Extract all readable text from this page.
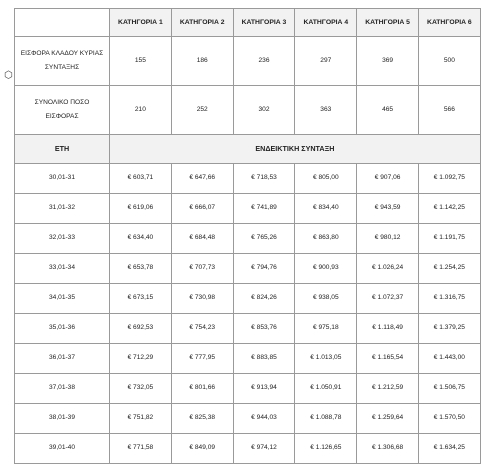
⬡
	ΚΑΤΗΓΟΡΙΑ 1	ΚΑΤΗΓΟΡΙΑ 2	ΚΑΤΗΓΟΡΙΑ 3	ΚΑΤΗΓΟΡΙΑ 4	ΚΑΤΗΓΟΡΙΑ 5	ΚΑΤΗΓΟΡΙΑ 6
ΕΙΣΦΟΡΑ ΚΛΑΔΟΥ ΚΥΡΙΑΣ
ΣΥΝΤΑΞΗΣ	155	186	236	297	369	500
ΣΥΝΟΛΙΚΟ ΠΟΣΟ
ΕΙΣΦΟΡΑΣ	210	252	302	363	465	566
ΕΤΗ	ΕΝΔΕΙΚΤΙΚΗ ΣΥΝΤΑΞΗ					
30,01-31	€ 603,71	€ 647,66	€ 718,53	€ 805,00	€ 907,06	€ 1.092,75
31,01-32	€ 619,06	€ 666,07	€ 741,89	€ 834,40	€ 943,59	€ 1.142,25
32,01-33	€ 634,40	€ 684,48	€ 765,26	€ 863,80	€ 980,12	€ 1.191,75
33,01-34	€ 653,78	€ 707,73	€ 794,76	€ 900,93	€ 1.026,24	€ 1.254,25
34,01-35	€ 673,15	€ 730,98	€ 824,26	€ 938,05	€ 1.072,37	€ 1.316,75
35,01-36	€ 692,53	€ 754,23	€ 853,76	€ 975,18	€ 1.118,49	€ 1.379,25
36,01-37	€ 712,29	€ 777,95	€ 883,85	€ 1.013,05	€ 1.165,54	€ 1.443,00
37,01-38	€ 732,05	€ 801,66	€ 913,94	€ 1.050,91	€ 1.212,59	€ 1.506,75
38,01-39	€ 751,82	€ 825,38	€ 944,03	€ 1.088,78	€ 1.259,64	€ 1.570,50
39,01-40	€ 771,58	€ 849,09	€ 974,12	€ 1.126,65	€ 1.306,68	€ 1.634,25
